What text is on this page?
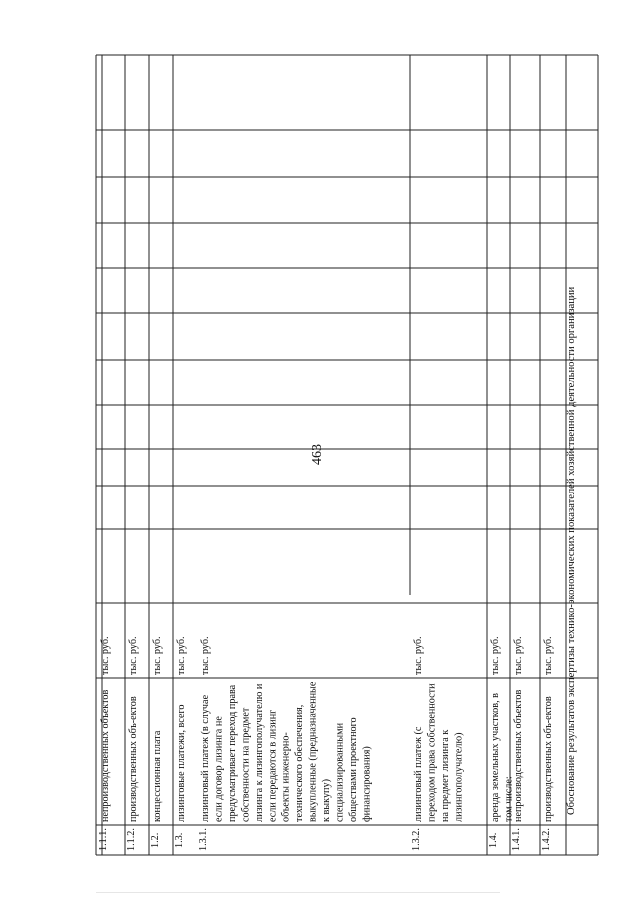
463	Обоснование результатов экспертизы технико-экономических показателей хозяйственной деятельности организации
1.1.1.
непроизводственных объектов
тыс. руб.
1.1.2.
производственных объ-ектов
тыс. руб.
1.2.
концессионная плата
тыс. руб.
1.3.
лизинговые платежи, всего
тыс. руб.
1.3.1.
лизинговый платеж (в случае если договор лизинга не предусматривает переход права собственности на предмет лизинга к лизингополучателю и если передаются в лизинг объекты инженерно-технического обеспечения, выкупленные (предназначенные к выкупу) специализированными обществами проектного финансирования)
тыс. руб.
1.3.2.
лизинговый платеж (с переходом права собственности на предмет лизинга к лизингополучателю)
тыс. руб.
1.4.
аренда земельных участков, в том числе:
тыс. руб.
1.4.1.
непроизводственных объектов
тыс. руб.
1.4.2.
производственных объ-ектов
тыс. руб.
